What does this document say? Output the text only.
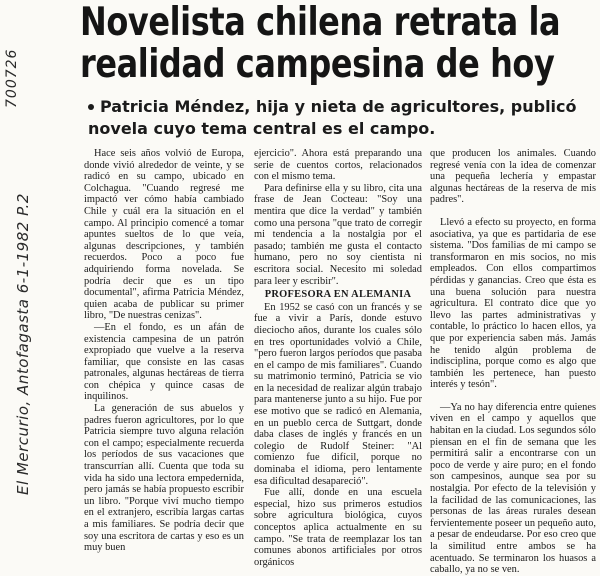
700726
El Mercurio, Antofagasta 6-1-1982 P.2
Novelista chilena retrata la
realidad campesina de hoy
Patricia Méndez, hija y nieta de agricultores, publicó novela cuyo tema central es el campo.

Hace seis años volvió de Europa, donde vivió alrededor de veinte, y se radicó en su campo, ubicado en Colchagua. "Cuando regresé me impactó ver cómo había cambiado Chile y cuál era la situación en el campo. Al principio comencé a tomar apuntes sueltos de lo que veía, algunas descripciones, y también recuerdos. Poco a poco fue adquiriendo forma novelada. Se podría decir que es un tipo documental", afirma Patricia Méndez, quien acaba de publicar su primer libro, "De nuestras cenizas".

—En el fondo, es un afán de existencia campesina de un patrón expropiado que vuelve a la reserva familiar, que consiste en las casas patronales, algunas hectáreas de tierra con chépica y quince casas de inquilinos.

La generación de sus abuelos y padres fueron agricultores, por lo que Patricia siempre tuvo alguna relación con el campo; especialmente recuerda los períodos de sus vacaciones que transcurrían allí. Cuenta que toda su vida ha sido una lectora empedernida, pero jamás se había propuesto escribir un libro. "Porque viví mucho tiempo en el extranjero, escribía largas cartas a mis familiares. Se podría decir que soy una escritora de cartas y eso es un muy buen

ejercicio". Ahora está preparando una serie de cuentos cortos, relacionados con el mismo tema.

Para definirse ella y su libro, cita una frase de Jean Cocteau: "Soy una mentira que dice la verdad" y también como una persona "que trato de corregir mi tendencia a la nostalgia por el pasado; también me gusta el contacto humano, pero no soy cientista ni escritora social. Necesito mi soledad para leer y escribir".

PROFESORA EN ALEMANIA

En 1952 se casó con un francés y se fue a vivir a París, donde estuvo dieciocho años, durante los cuales sólo en tres oportunidades volvió a Chile, "pero fueron largos períodos que pasaba en el campo de mis familiares". Cuando su matrimonio terminó, Patricia se vio en la necesidad de realizar algún trabajo para mantenerse junto a su hijo. Fue por ese motivo que se radicó en Alemania, en un pueblo cerca de Suttgart, donde daba clases de inglés y francés en un colegio de Rudolf Steiner: "Al comienzo fue difícil, porque no dominaba el idioma, pero lentamente esa dificultad desapareció".

Fue allí, donde en una escuela especial, hizo sus primeros estudios sobre agricultura biológica, cuyos conceptos aplica actualmente en su campo. "Se trata de reemplazar los tan comunes abonos artificiales por otros orgánicos

que producen los animales. Cuando regresé venía con la idea de comenzar una pequeña lechería y empastar algunas hectáreas de la reserva de mis padres".

Llevó a efecto su proyecto, en forma asociativa, ya que es partidaria de ese sistema. "Dos familias de mi campo se transformaron en mis socios, no mis empleados. Con ellos compartimos pérdidas y ganancias. Creo que ésta es una buena solución para nuestra agricultura. El contrato dice que yo llevo las partes administrativas y contable, lo práctico lo hacen ellos, ya que por experiencia saben más. Jamás he tenido algún problema de indisciplina, porque como es algo que también les pertenece, han puesto interés y tesón".

—Ya no hay diferencia entre quienes viven en el campo y aquellos que habitan en la ciudad. Los segundos sólo piensan en el fin de semana que les permitirá salir a encontrarse con un poco de verde y aire puro; en el fondo son campesinos, aunque sea por su nostalgia. Por efecto de la televisión y la facilidad de las comunicaciones, las personas de las áreas rurales desean fervientemente poseer un pequeño auto, a pesar de endeudarse. Por eso creo que la similitud entre ambos se ha acentuado. Se terminaron los huasos a caballo, ya no se ven.
